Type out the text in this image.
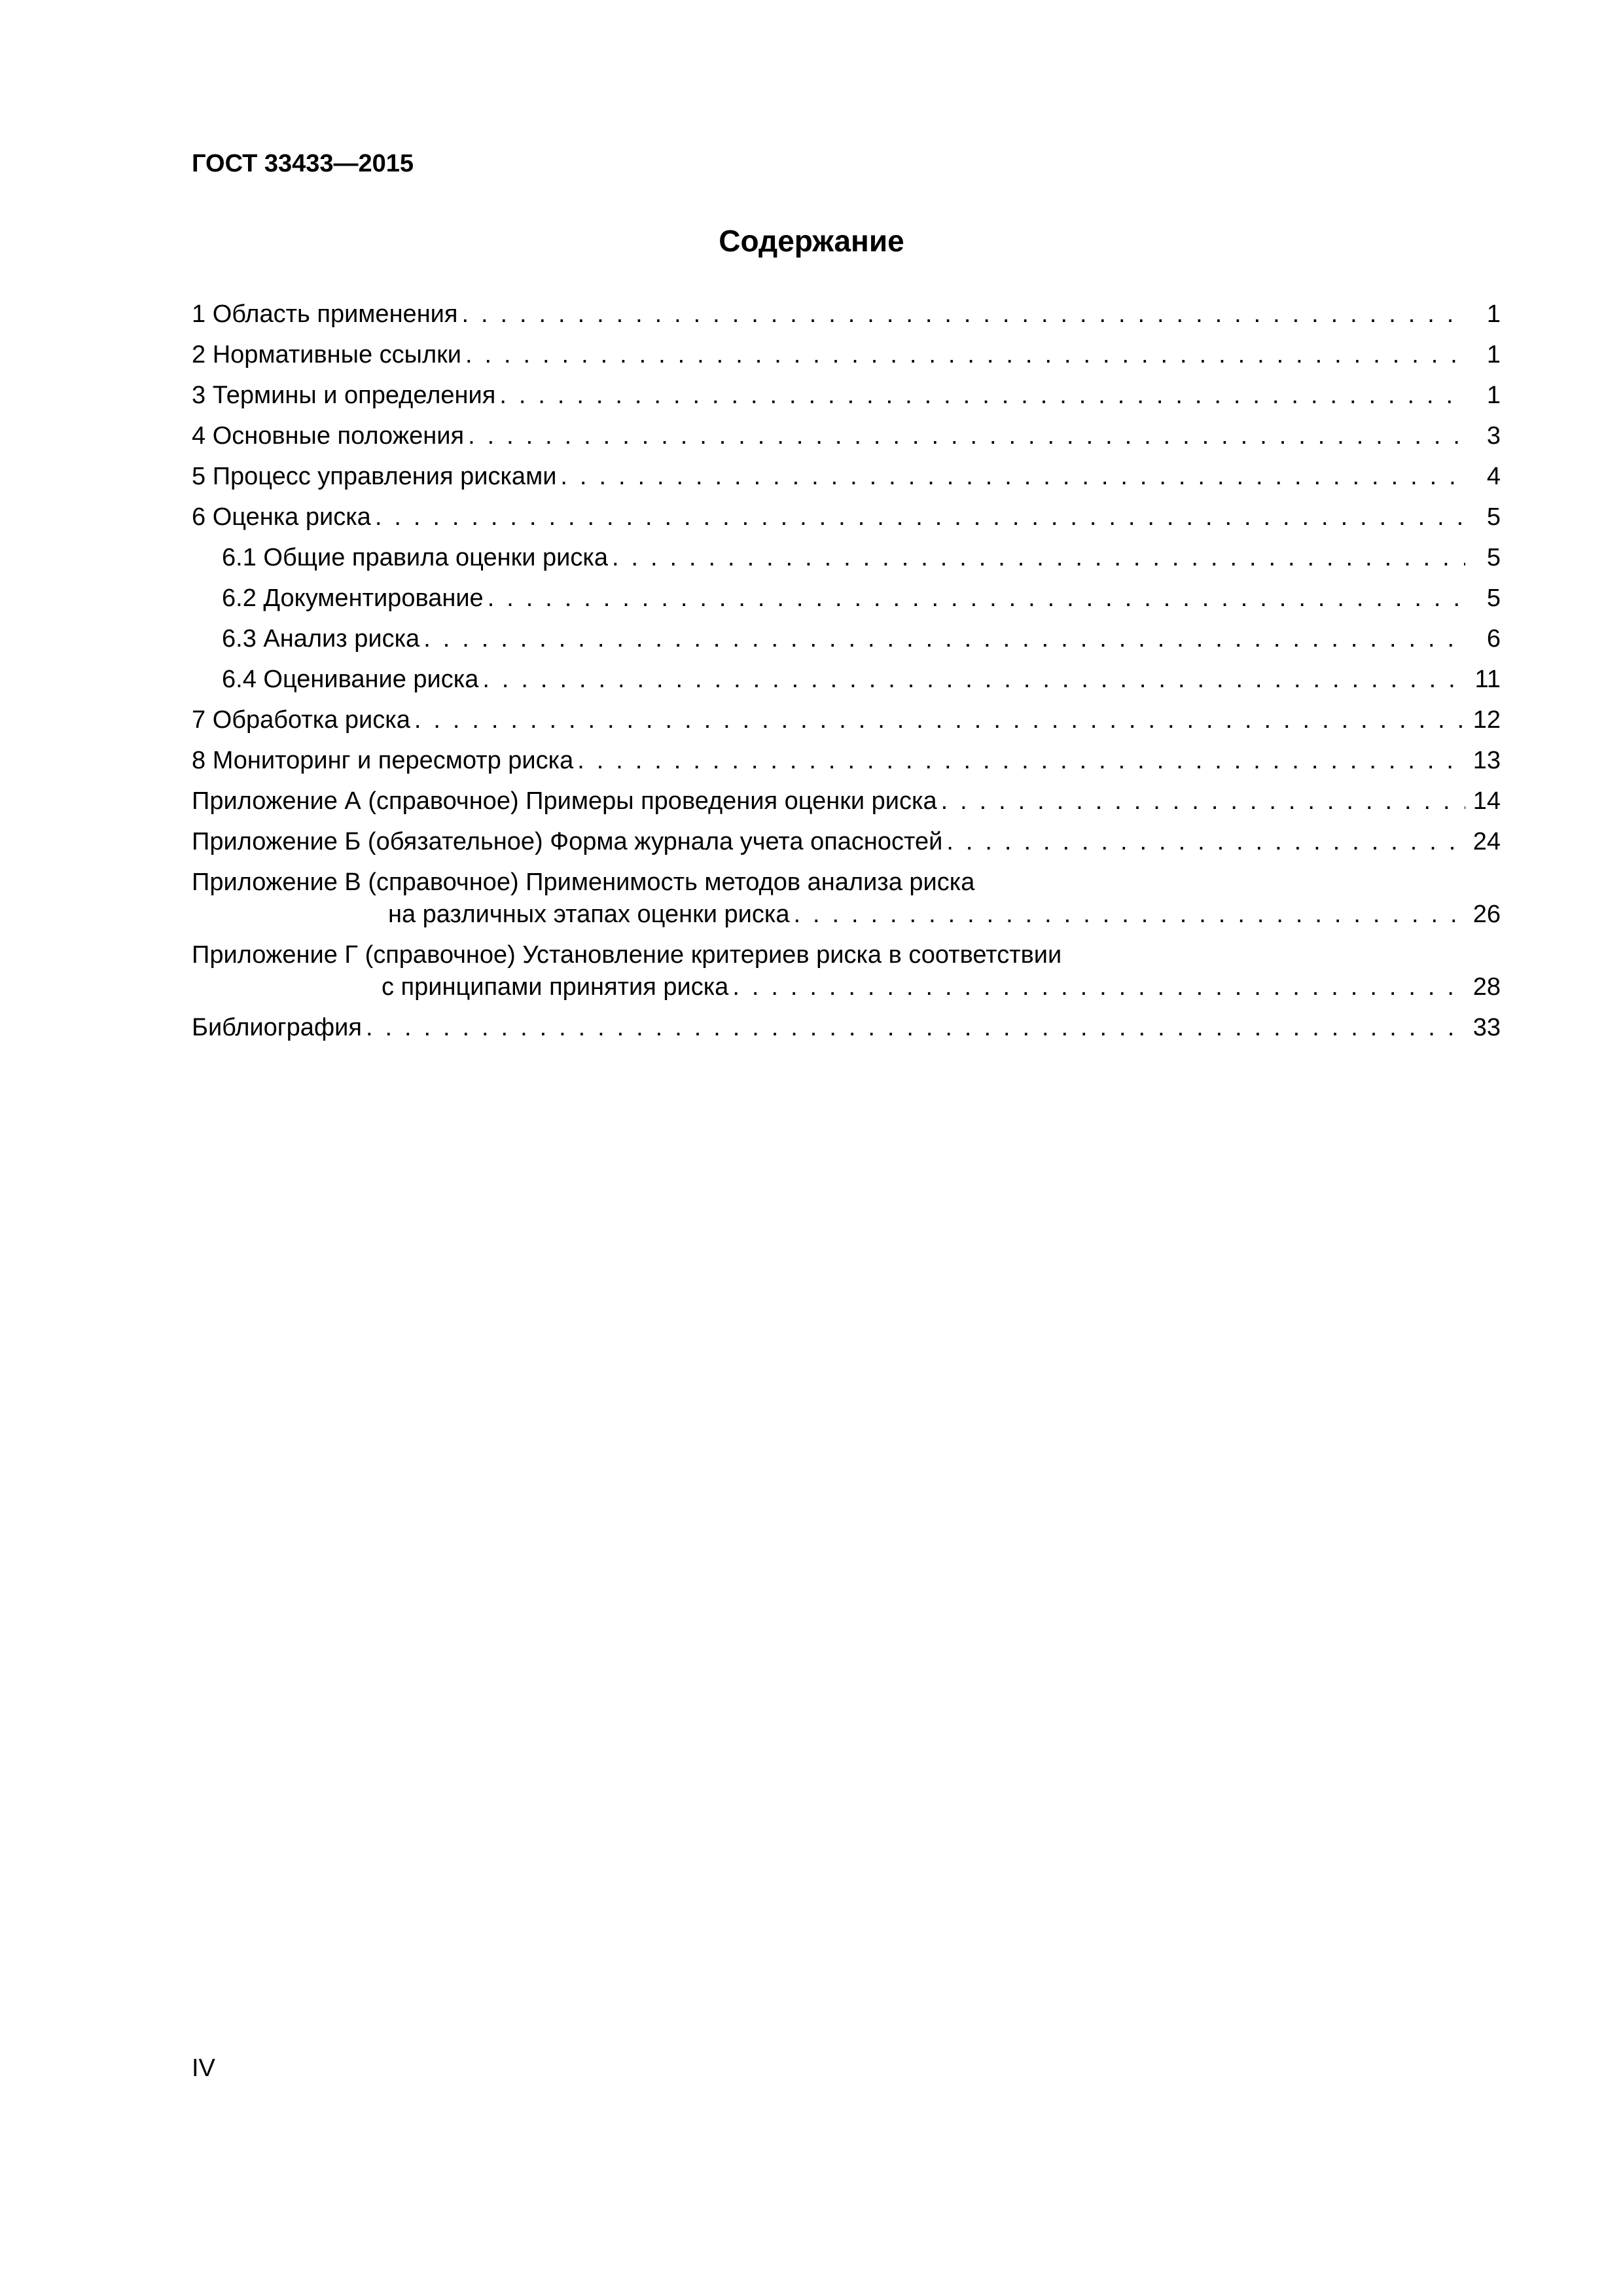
ГОСТ 33433—2015
Содержание
1 Область применения . . .	1
2 Нормативные ссылки . . .	1
3 Термины и определения . . .	1
4 Основные положения . . .	3
5 Процесс управления рисками . . .	4
6 Оценка риска . . .	5
6.1 Общие правила оценки риска . . .	5
6.2 Документирование . . .	5
6.3 Анализ риска . . .	6
6.4 Оценивание риска . . .	11
7 Обработка риска . . .	12
8 Мониторинг и пересмотр риска . . .	13
Приложение А (справочное) Примеры проведения оценки риска . . .	14
Приложение Б (обязательное) Форма журнала учета опасностей . . .	24
Приложение В (справочное) Применимость методов анализа риска
на различных этапах оценки риска . . .	26
Приложение Г (справочное) Установление критериев риска в соответствии
с принципами принятия риска . . .	28
Библиография . . .	33
IV
